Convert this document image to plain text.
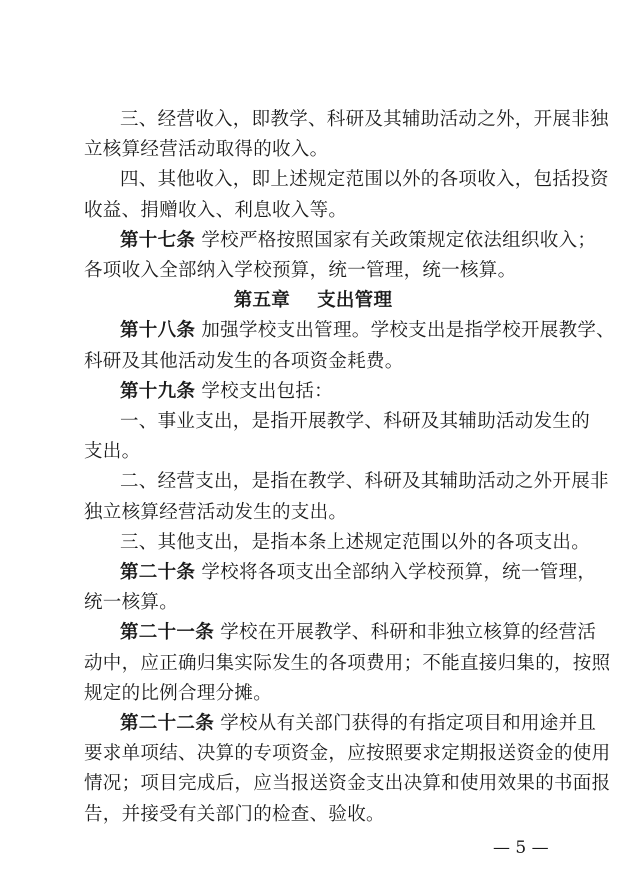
三、经营收入，即教学、科研及其辅助活动之外，开展非独
立核算经营活动取得的收入。
四、其他收入，即上述规定范围以外的各项收入，包括投资
收益、捐赠收入、利息收入等。
第十七条 学校严格按照国家有关政策规定依法组织收入；
各项收入全部纳入学校预算，统一管理，统一核算。
第五章    支出管理
第十八条 加强学校支出管理。学校支出是指学校开展教学、
科研及其他活动发生的各项资金耗费。
第十九条 学校支出包括：
一、事业支出，是指开展教学、科研及其辅助活动发生的
支出。
二、经营支出，是指在教学、科研及其辅助活动之外开展非
独立核算经营活动发生的支出。
三、其他支出，是指本条上述规定范围以外的各项支出。
第二十条 学校将各项支出全部纳入学校预算，统一管理，
统一核算。
第二十一条 学校在开展教学、科研和非独立核算的经营活
动中，应正确归集实际发生的各项费用；不能直接归集的，按照
规定的比例合理分摊。
第二十二条 学校从有关部门获得的有指定项目和用途并且
要求单项结、决算的专项资金，应按照要求定期报送资金的使用
情况；项目完成后，应当报送资金支出决算和使用效果的书面报
告，并接受有关部门的检查、验收。
— 5 —
